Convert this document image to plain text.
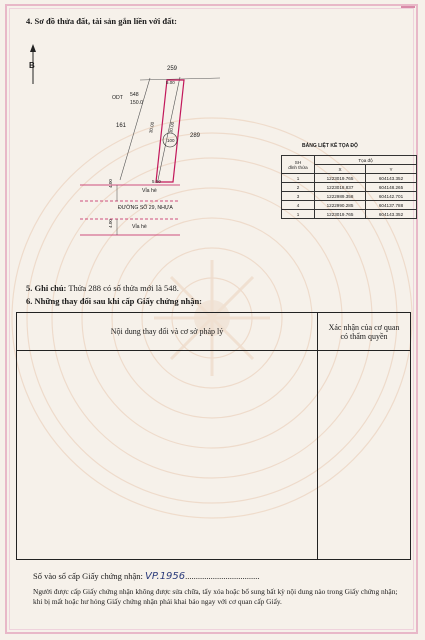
4. Sơ đồ thửa đất, tài sản gắn liền với đất:
B	259
ODT 548
150.0
161
289
100
5.00
30.00	30.00
5.00
4.00
4.00
Vỉa hè
ĐƯỜNG SỐ 29, NHỰA
Vỉa hè
BẢNG LIỆT KÊ TỌA ĐỘ
SH
đỉnh thửa	Tọa độ	
	X	Y
1	1223019.765	604143.352
2	1223018.837	604148.265
3	1222989.358	604142.701
4	1222990.285	604137.788
1	1223019.765	604143.352
5. Ghi chú: Thửa 288 có số thửa mới là 548.
6. Những thay đổi sau khi cấp Giấy chứng nhận:
Nội dung thay đổi và cơ sở pháp lý	Xác nhận của cơ quan
có thẩm quyền

Số vào sổ cấp Giấy chứng nhận: VP.1956...................................
Người được cấp Giấy chứng nhận không được sửa chữa, tẩy xóa hoặc bổ sung bất kỳ nội dung nào trong Giấy chứng nhận; khi bị mất hoặc hư hỏng Giấy chứng nhận phải khai báo ngay với cơ quan cấp Giấy.
